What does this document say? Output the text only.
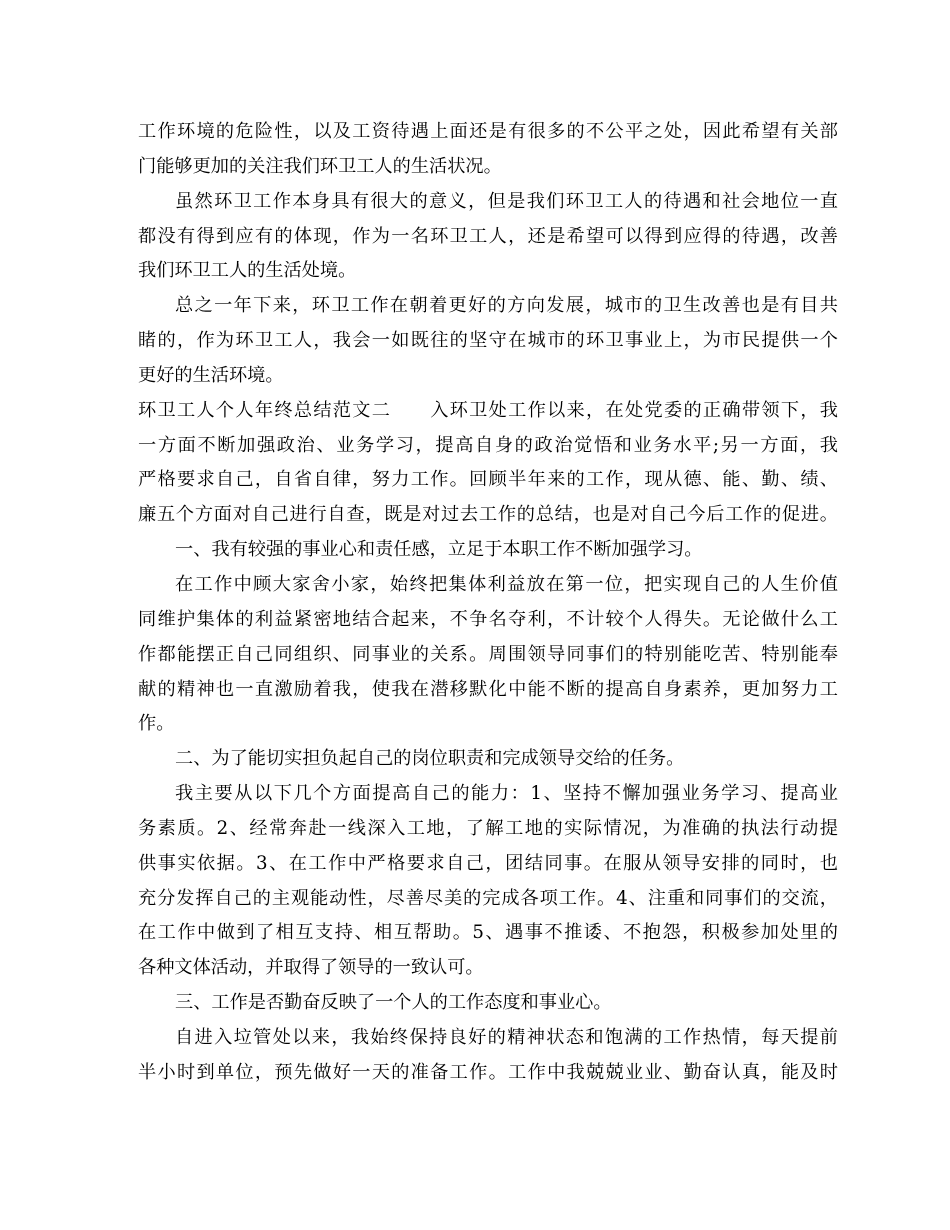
工作环境的危险性，以及工资待遇上面还是有很多的不公平之处，因此希望有关部
门能够更加的关注我们环卫工人的生活状况。
虽然环卫工作本身具有很大的意义，但是我们环卫工人的待遇和社会地位一直
都没有得到应有的体现，作为一名环卫工人，还是希望可以得到应得的待遇，改善
我们环卫工人的生活处境。
总之一年下来，环卫工作在朝着更好的方向发展，城市的卫生改善也是有目共
睹的，作为环卫工人，我会一如既往的坚守在城市的环卫事业上，为市民提供一个
更好的生活环境。
环卫工人个人年终总结范文二　　入环卫处工作以来，在处党委的正确带领下，我
一方面不断加强政治、业务学习，提高自身的政治觉悟和业务水平;另一方面，我
严格要求自己，自省自律，努力工作。回顾半年来的工作，现从德、能、勤、绩、
廉五个方面对自己进行自查，既是对过去工作的总结，也是对自己今后工作的促进。
一、我有较强的事业心和责任感，立足于本职工作不断加强学习。
在工作中顾大家舍小家，始终把集体利益放在第一位，把实现自己的人生价值
同维护集体的利益紧密地结合起来，不争名夺利，不计较个人得失。无论做什么工
作都能摆正自己同组织、同事业的关系。周围领导同事们的特别能吃苦、特别能奉
献的精神也一直激励着我，使我在潜移默化中能不断的提高自身素养，更加努力工
作。
二、为了能切实担负起自己的岗位职责和完成领导交给的任务。
我主要从以下几个方面提高自己的能力：1、坚持不懈加强业务学习、提高业
务素质。2、经常奔赴一线深入工地，了解工地的实际情况，为准确的执法行动提
供事实依据。3、在工作中严格要求自己，团结同事。在服从领导安排的同时，也
充分发挥自己的主观能动性，尽善尽美的完成各项工作。4、注重和同事们的交流，
在工作中做到了相互支持、相互帮助。5、遇事不推诿、不抱怨，积极参加处里的
各种文体活动，并取得了领导的一致认可。
三、工作是否勤奋反映了一个人的工作态度和事业心。
自进入垃管处以来，我始终保持良好的精神状态和饱满的工作热情，每天提前
半小时到单位，预先做好一天的准备工作。工作中我兢兢业业、勤奋认真，能及时
